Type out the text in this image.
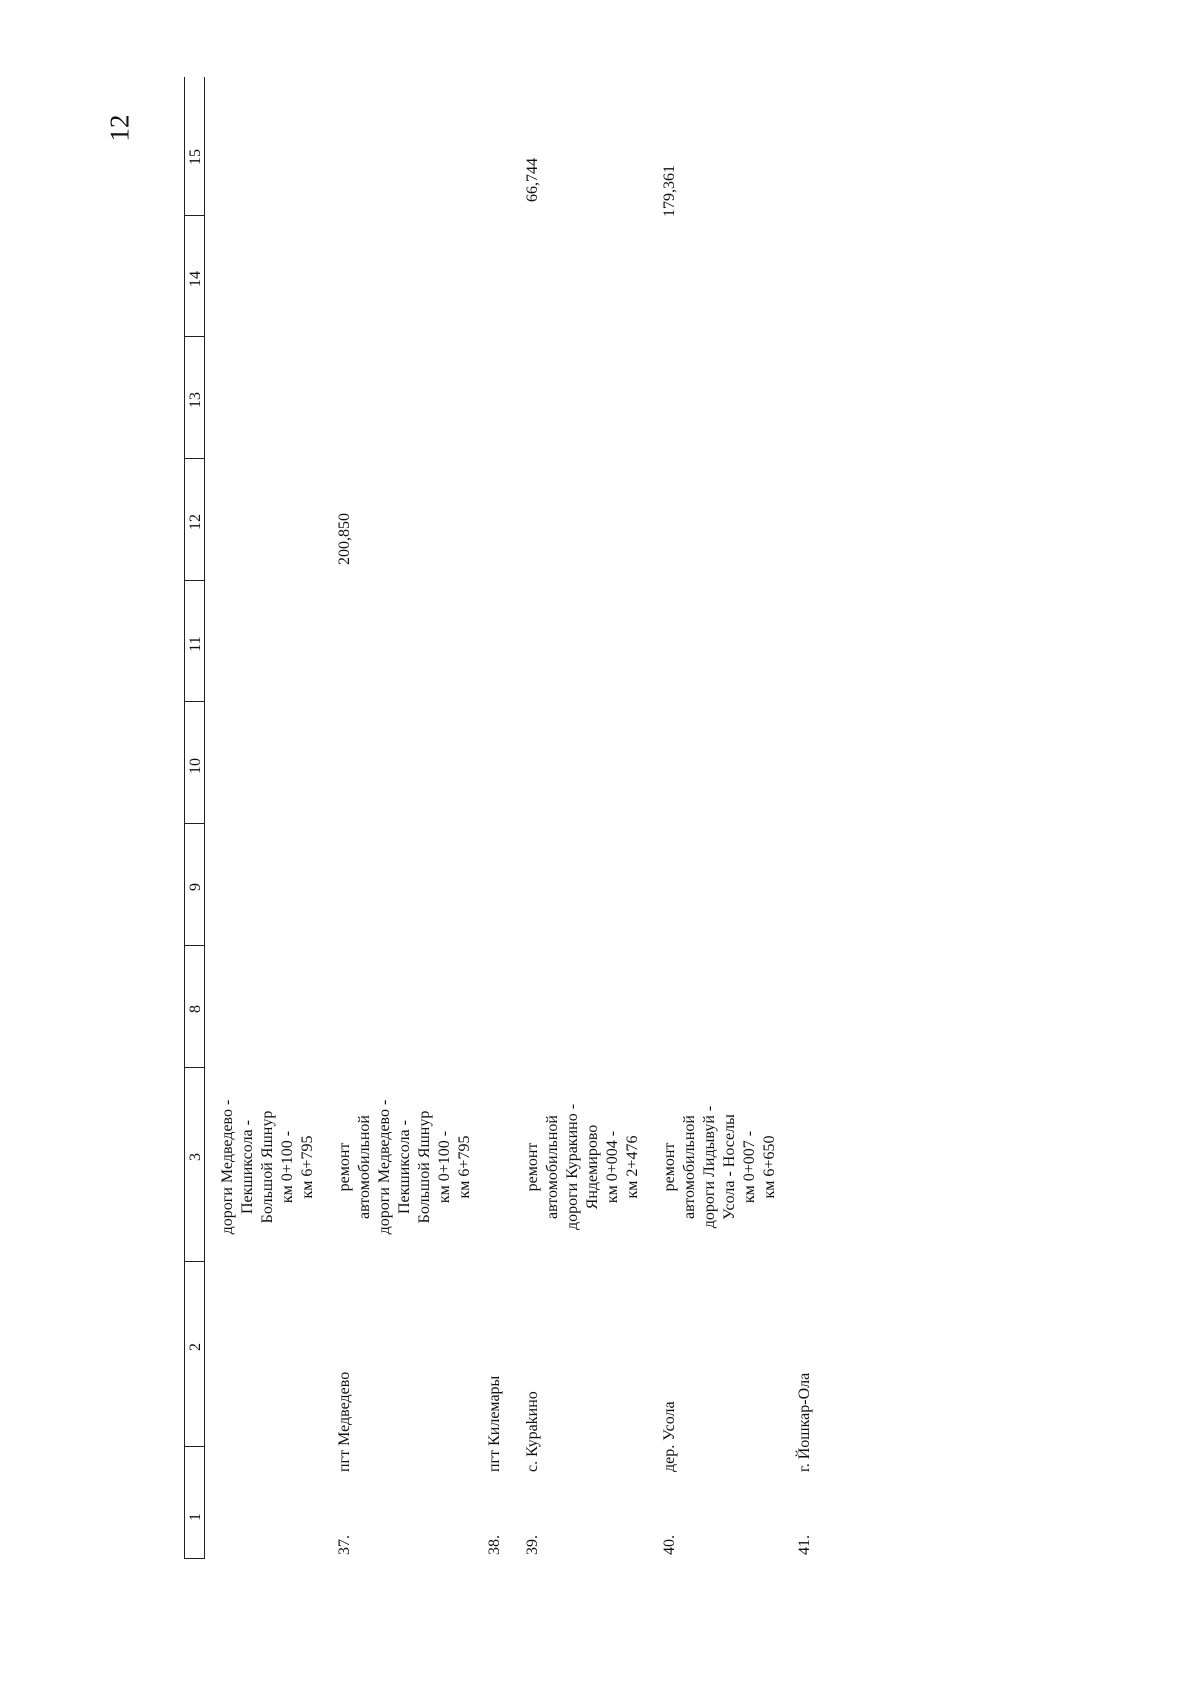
12
1
2
3
8
9
10
11
12
13
14
15
дороги Медведево - Пекшиксола - Большой Яшнур км 0+100 - км 6+795
37.
пгт Медведево
ремонт автомобильной дороги Медведево - Пекшиксола - Большой Яшнур км 0+100 - км 6+795
200,850
38.
пгт Килемары
39.
с. Кураkино
ремонт автомобильной дороги Куракино - Яндемирово км 0+004 - км 2+476
66,744
40.
дер. Усола
ремонт автомобильной дороги Лидывуй - Усола - Носелы км 0+007 - км 6+650
179,361
41.
г. Йошкар-Ола
